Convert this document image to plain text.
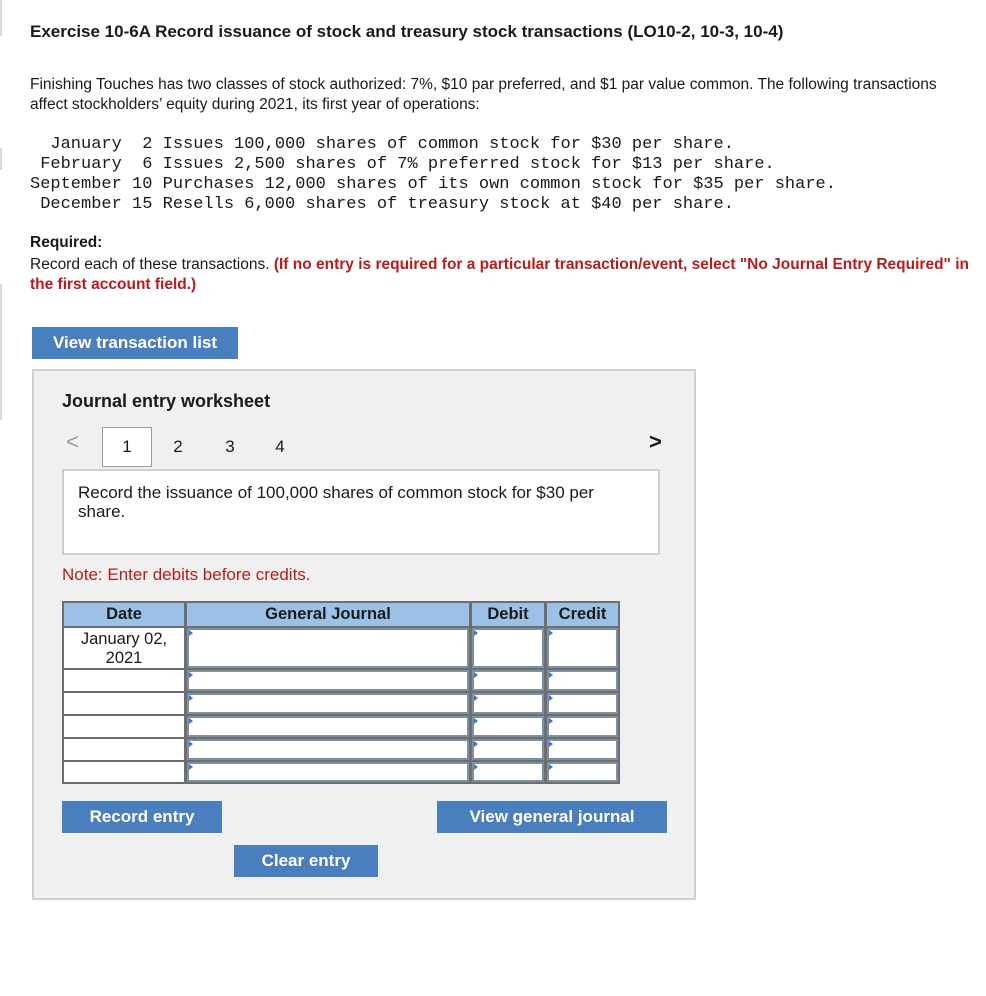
Exercise 10-6A Record issuance of stock and treasury stock transactions (LO10-2, 10-3, 10-4)

Finishing Touches has two classes of stock authorized: 7%, $10 par preferred, and $1 par value common. The following transactions affect stockholders’ equity during 2021, its first year of operations:

January  2 Issues 100,000 shares of common stock for $30 per share.
February  6 Issues 2,500 shares of 7% preferred stock for $13 per share.
September 10 Purchases 12,000 shares of its own common stock for $35 per share.
December 15 Resells 6,000 shares of treasury stock at $40 per share.

Required:

Record each of these transactions. (If no entry is required for a particular transaction/event, select "No Journal Entry Required" in the first account field.)

View transaction list
Journal entry worksheet
<	>
1	2	3	4
Record the issuance of 100,000 shares of common stock for $30 per share.

Note: Enter debits before credits.

Date	General Journal	Debit	Credit
January 02, 2021
Record entry	View general journal
Clear entry
